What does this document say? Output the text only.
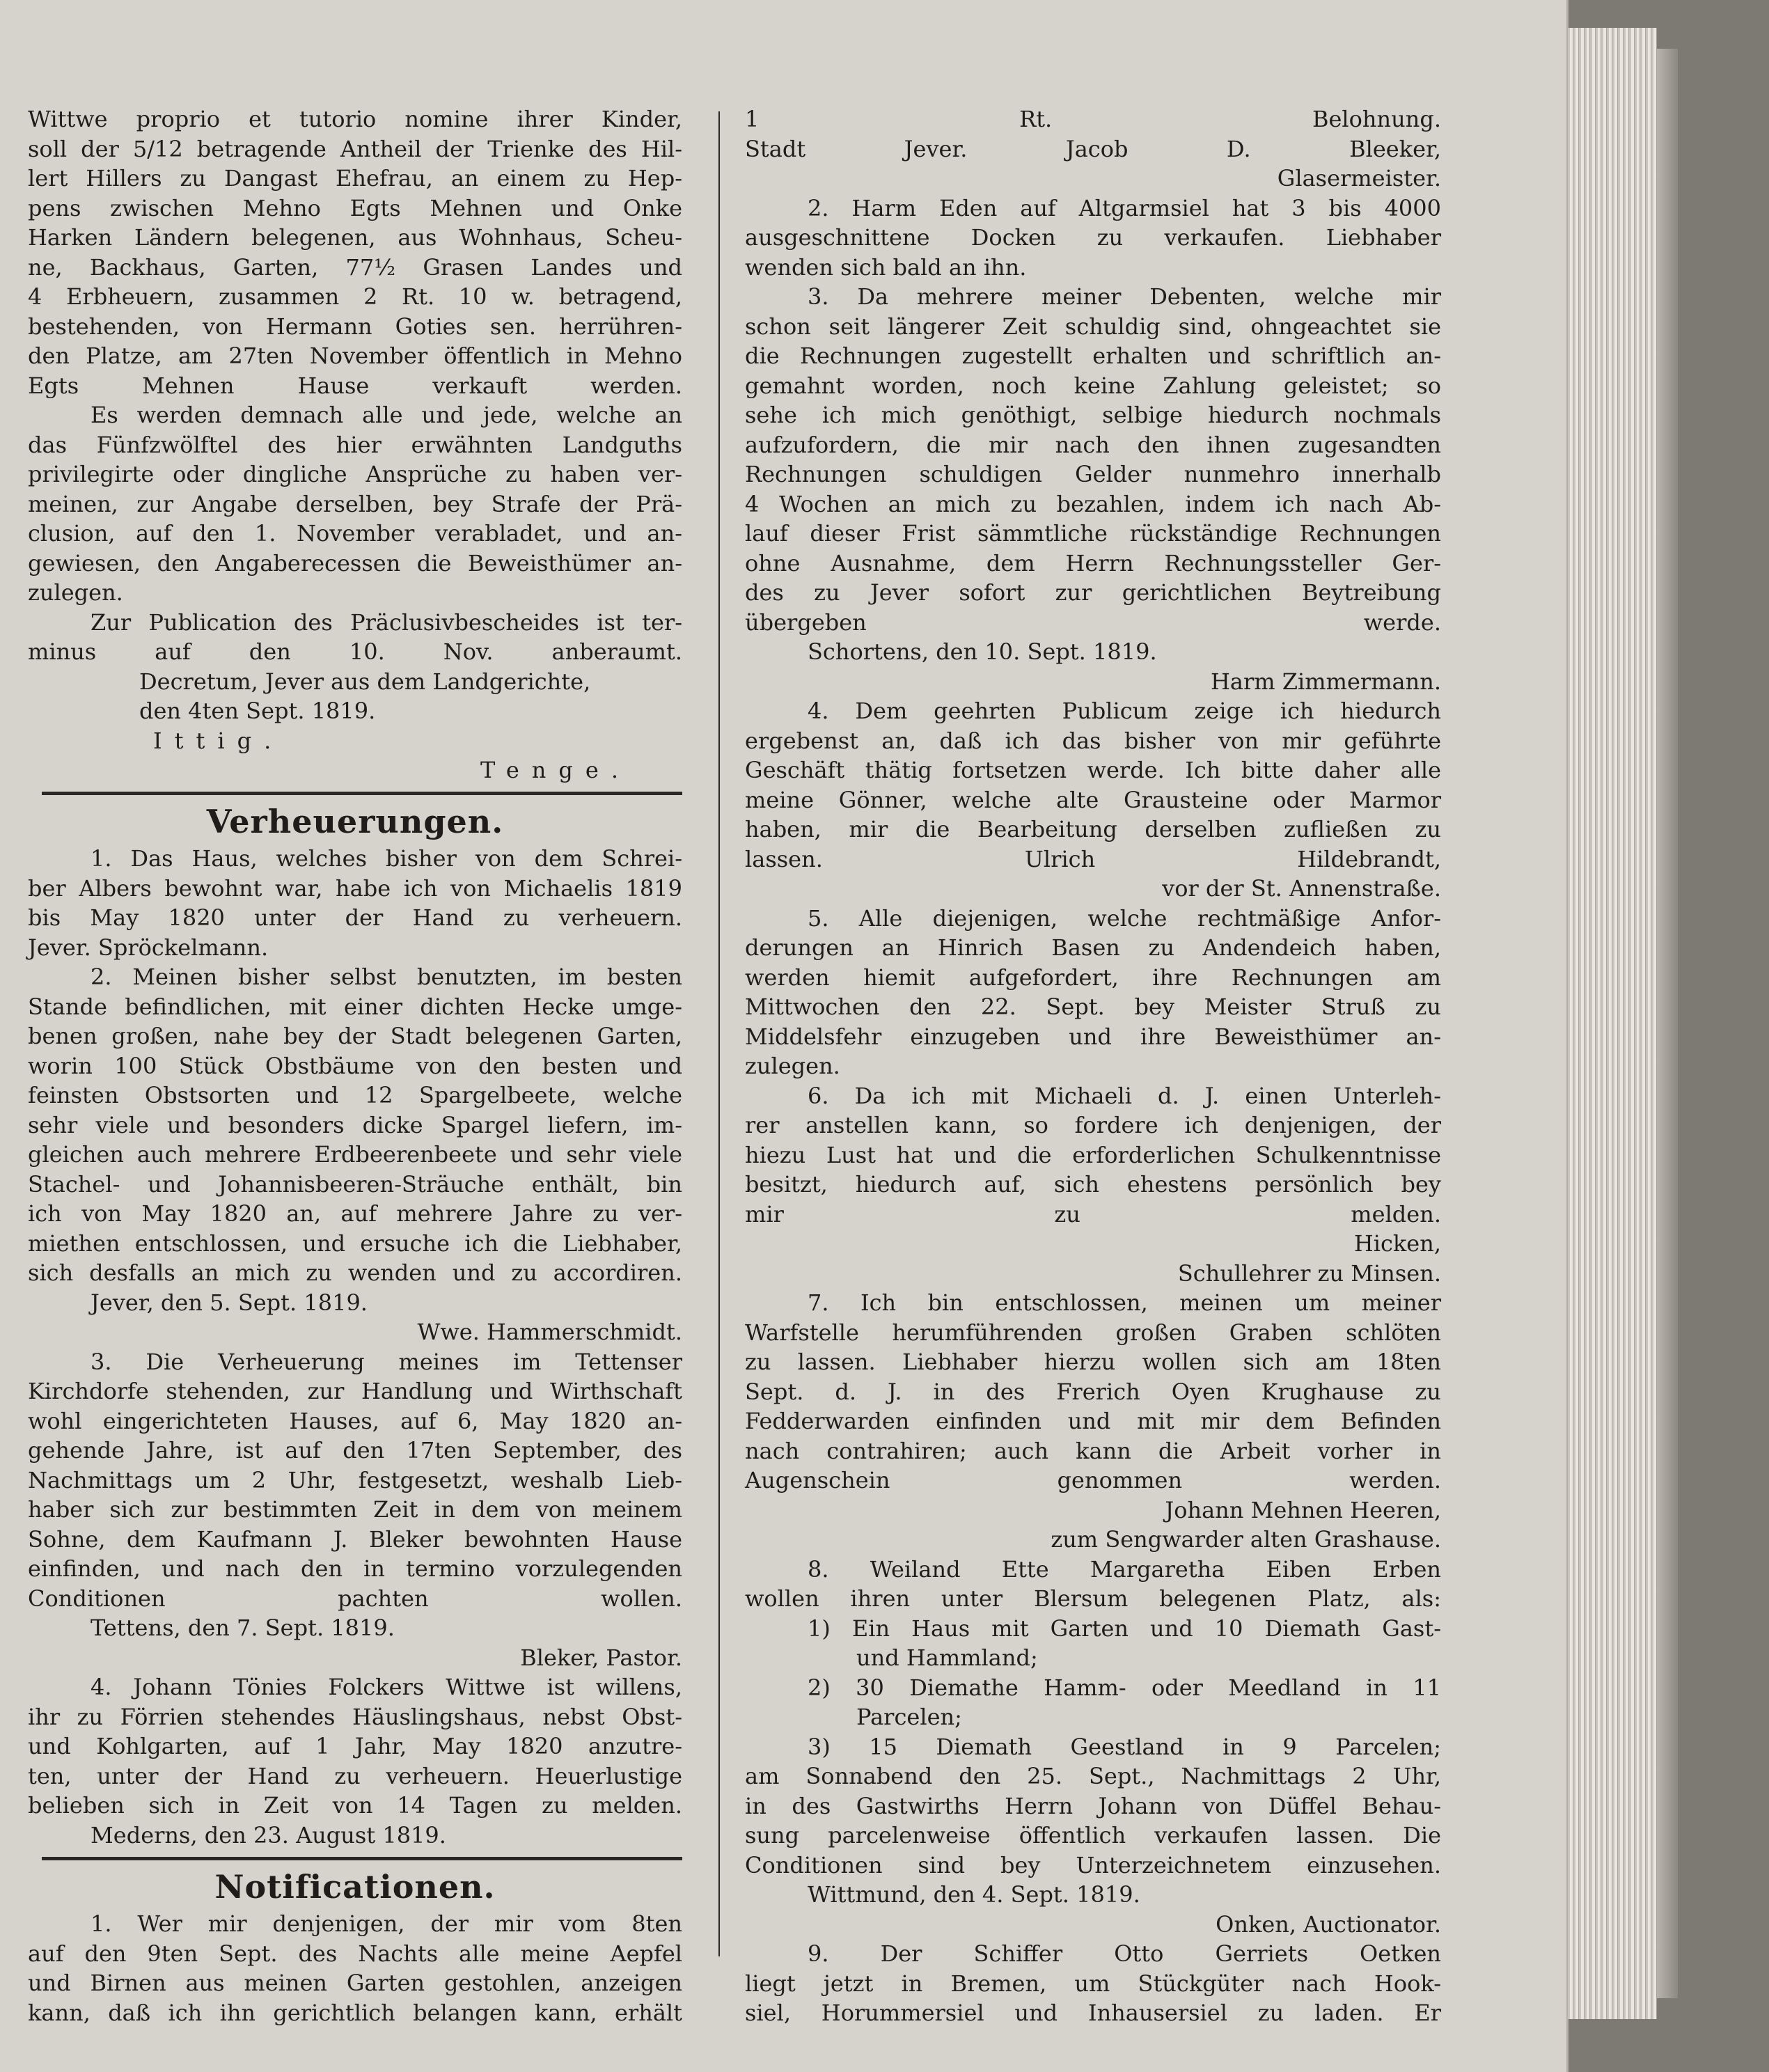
Wittwe proprio et tutorio nomine ihrer Kinder,
soll der 5/12 betragende Antheil der Trienke des Hil-
lert Hillers zu Dangast Ehefrau, an einem zu Hep-
pens zwischen Mehno Egts Mehnen und Onke
Harken Ländern belegenen, aus Wohnhaus, Scheu-
ne, Backhaus, Garten, 77½ Grasen Landes und
4 Erbheuern, zusammen 2 Rt. 10 w. betragend,
bestehenden, von Hermann Goties sen. herrühren-
den Platze, am 27ten November öffentlich in Mehno
Egts Mehnen Hause verkauft werden.
Es werden demnach alle und jede, welche an
das Fünfzwölftel des hier erwähnten Landguths
privilegirte oder dingliche Ansprüche zu haben ver-
meinen, zur Angabe derselben, bey Strafe der Prä-
clusion, auf den 1. November verabladet, und an-
gewiesen, den Angaberecessen die Beweisthümer an-
zulegen.
Zur Publication des Präclusivbescheides ist ter-
minus auf den 10. Nov. anberaumt.
Decretum, Jever aus dem Landgerichte,
den 4ten Sept. 1819.
Ittig.
Tenge.
Verheuerungen.
1. Das Haus, welches bisher von dem Schrei-
ber Albers bewohnt war, habe ich von Michaelis 1819
bis May 1820 unter der Hand zu verheuern.
Jever. Spröckelmann.
2. Meinen bisher selbst benutzten, im besten
Stande befindlichen, mit einer dichten Hecke umge-
benen großen, nahe bey der Stadt belegenen Garten,
worin 100 Stück Obstbäume von den besten und
feinsten Obstsorten und 12 Spargelbeete, welche
sehr viele und besonders dicke Spargel liefern, im-
gleichen auch mehrere Erdbeerenbeete und sehr viele
Stachel- und Johannisbeeren-Sträuche enthält, bin
ich von May 1820 an, auf mehrere Jahre zu ver-
miethen entschlossen, und ersuche ich die Liebhaber,
sich desfalls an mich zu wenden und zu accordiren.
Jever, den 5. Sept. 1819.
Wwe. Hammerschmidt.
3. Die Verheuerung meines im Tettenser
Kirchdorfe stehenden, zur Handlung und Wirthschaft
wohl eingerichteten Hauses, auf 6, May 1820 an-
gehende Jahre, ist auf den 17ten September, des
Nachmittags um 2 Uhr, festgesetzt, weshalb Lieb-
haber sich zur bestimmten Zeit in dem von meinem
Sohne, dem Kaufmann J. Bleker bewohnten Hause
einfinden, und nach den in termino vorzulegenden
Conditionen pachten wollen.
Tettens, den 7. Sept. 1819.
Bleker, Pastor.
4. Johann Tönies Folckers Wittwe ist willens,
ihr zu Förrien stehendes Häuslingshaus, nebst Obst-
und Kohlgarten, auf 1 Jahr, May 1820 anzutre-
ten, unter der Hand zu verheuern. Heuerlustige
belieben sich in Zeit von 14 Tagen zu melden.
Mederns, den 23. August 1819.
Notificationen.
1. Wer mir denjenigen, der mir vom 8ten
auf den 9ten Sept. des Nachts alle meine Aepfel
und Birnen aus meinen Garten gestohlen, anzeigen
kann, daß ich ihn gerichtlich belangen kann, erhält
1 Rt. Belohnung.
Stadt Jever. Jacob D. Bleeker,
Glasermeister.
2. Harm Eden auf Altgarmsiel hat 3 bis 4000
ausgeschnittene Docken zu verkaufen. Liebhaber
wenden sich bald an ihn.
3. Da mehrere meiner Debenten, welche mir
schon seit längerer Zeit schuldig sind, ohngeachtet sie
die Rechnungen zugestellt erhalten und schriftlich an-
gemahnt worden, noch keine Zahlung geleistet; so
sehe ich mich genöthigt, selbige hiedurch nochmals
aufzufordern, die mir nach den ihnen zugesandten
Rechnungen schuldigen Gelder nunmehro innerhalb
4 Wochen an mich zu bezahlen, indem ich nach Ab-
lauf dieser Frist sämmtliche rückständige Rechnungen
ohne Ausnahme, dem Herrn Rechnungssteller Ger-
des zu Jever sofort zur gerichtlichen Beytreibung
übergeben werde.
Schortens, den 10. Sept. 1819.
Harm Zimmermann.
4. Dem geehrten Publicum zeige ich hiedurch
ergebenst an, daß ich das bisher von mir geführte
Geschäft thätig fortsetzen werde. Ich bitte daher alle
meine Gönner, welche alte Grausteine oder Marmor
haben, mir die Bearbeitung derselben zufließen zu
lassen. Ulrich Hildebrandt,
vor der St. Annenstraße.
5. Alle diejenigen, welche rechtmäßige Anfor-
derungen an Hinrich Basen zu Andendeich haben,
werden hiemit aufgefordert, ihre Rechnungen am
Mittwochen den 22. Sept. bey Meister Struß zu
Middelsfehr einzugeben und ihre Beweisthümer an-
zulegen.
6. Da ich mit Michaeli d. J. einen Unterleh-
rer anstellen kann, so fordere ich denjenigen, der
hiezu Lust hat und die erforderlichen Schulkenntnisse
besitzt, hiedurch auf, sich ehestens persönlich bey
mir zu melden.
Hicken,
Schullehrer zu Minsen.
7. Ich bin entschlossen, meinen um meiner
Warfstelle herumführenden großen Graben schlöten
zu lassen. Liebhaber hierzu wollen sich am 18ten
Sept. d. J. in des Frerich Oyen Krughause zu
Fedderwarden einfinden und mit mir dem Befinden
nach contrahiren; auch kann die Arbeit vorher in
Augenschein genommen werden.
Johann Mehnen Heeren,
zum Sengwarder alten Grashause.
8. Weiland Ette Margaretha Eiben Erben
wollen ihren unter Blersum belegenen Platz, als:
1) Ein Haus mit Garten und 10 Diemath Gast-
und Hammland;
2) 30 Diemathe Hamm- oder Meedland in 11
Parcelen;
3) 15 Diemath Geestland in 9 Parcelen;
am Sonnabend den 25. Sept., Nachmittags 2 Uhr,
in des Gastwirths Herrn Johann von Düffel Behau-
sung parcelenweise öffentlich verkaufen lassen. Die
Conditionen sind bey Unterzeichnetem einzusehen.
Wittmund, den 4. Sept. 1819.
Onken, Auctionator.
9. Der Schiffer Otto Gerriets Oetken
liegt jetzt in Bremen, um Stückgüter nach Hook-
siel, Horummersiel und Inhausersiel zu laden. Er
